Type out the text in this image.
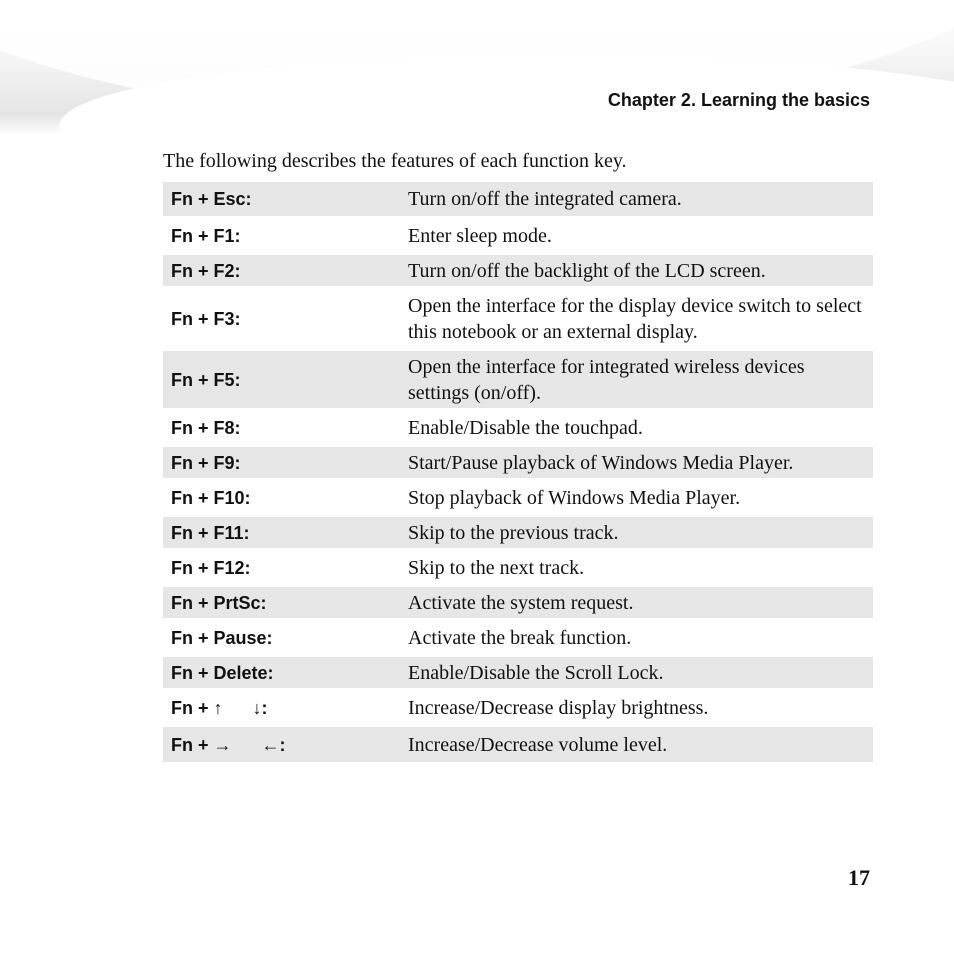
Chapter 2. Learning the basics
The following describes the features of each function key.
Fn + Esc:	Turn on/off the integrated camera.
Fn + F1:	Enter sleep mode.
Fn + F2:	Turn on/off the backlight of the LCD screen.
Fn + F3:	Open the interface for the display device switch to select this notebook or an external display.
Fn + F5:	Open the interface for integrated wireless devices settings (on/off).
Fn + F8:	Enable/Disable the touchpad.
Fn + F9:	Start/Pause playback of Windows Media Player.
Fn + F10:	Stop playback of Windows Media Player.
Fn + F11:	Skip to the previous track.
Fn + F12:	Skip to the next track.
Fn + PrtSc:	Activate the system request.
Fn + Pause:	Activate the break function.
Fn + Delete:	Enable/Disable the Scroll Lock.
Fn + ↑      ↓:	Increase/Decrease display brightness.
Fn + →      ←:	Increase/Decrease volume level.
17
